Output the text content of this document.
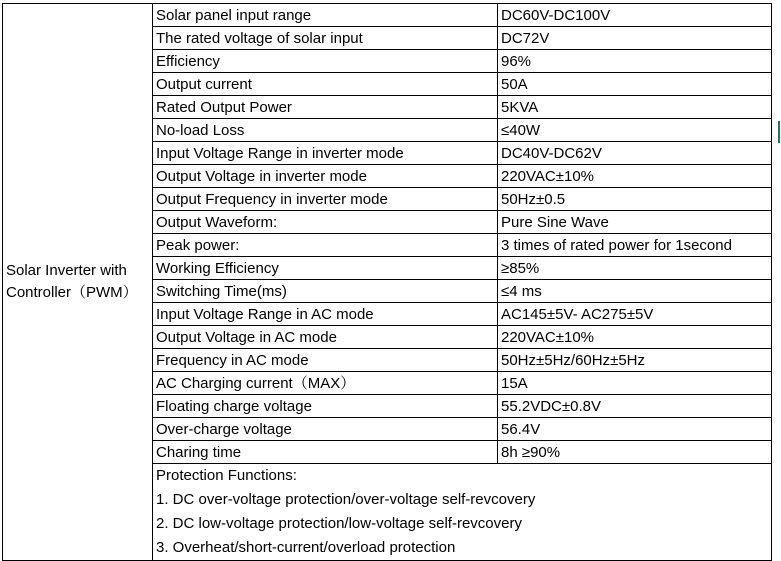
Solar Inverter with Controller（PWM）	Solar panel input range	DC60V-DC100V
	The rated voltage of solar input	DC72V
	Efficiency	96%
	Output current	50A
	Rated Output Power	5KVA
	No-load Loss	≤40W
	Input Voltage Range in inverter mode	DC40V-DC62V
	Output Voltage in inverter mode	220VAC±10%
	Output Frequency in inverter mode	50Hz±0.5
	Output Waveform:	Pure Sine Wave
	Peak power:	3 times of rated power for 1second
	Working Efficiency	≥85%
	Switching Time(ms)	≤4 ms
	Input Voltage Range in AC mode	AC145±5V- AC275±5V
	Output Voltage in AC mode	220VAC±10%
	Frequency in AC mode	50Hz±5Hz/60Hz±5Hz
	AC Charging current（MAX）	15A
	Floating charge voltage	55.2VDC±0.8V
	Over-charge voltage	56.4V
	Charing time	8h ≥90%

	Protection Functions:
1. DC over-voltage protection/over-voltage self-revcovery
2. DC low-voltage protection/low-voltage self-revcovery
3. Overheat/short-current/overload protection	
